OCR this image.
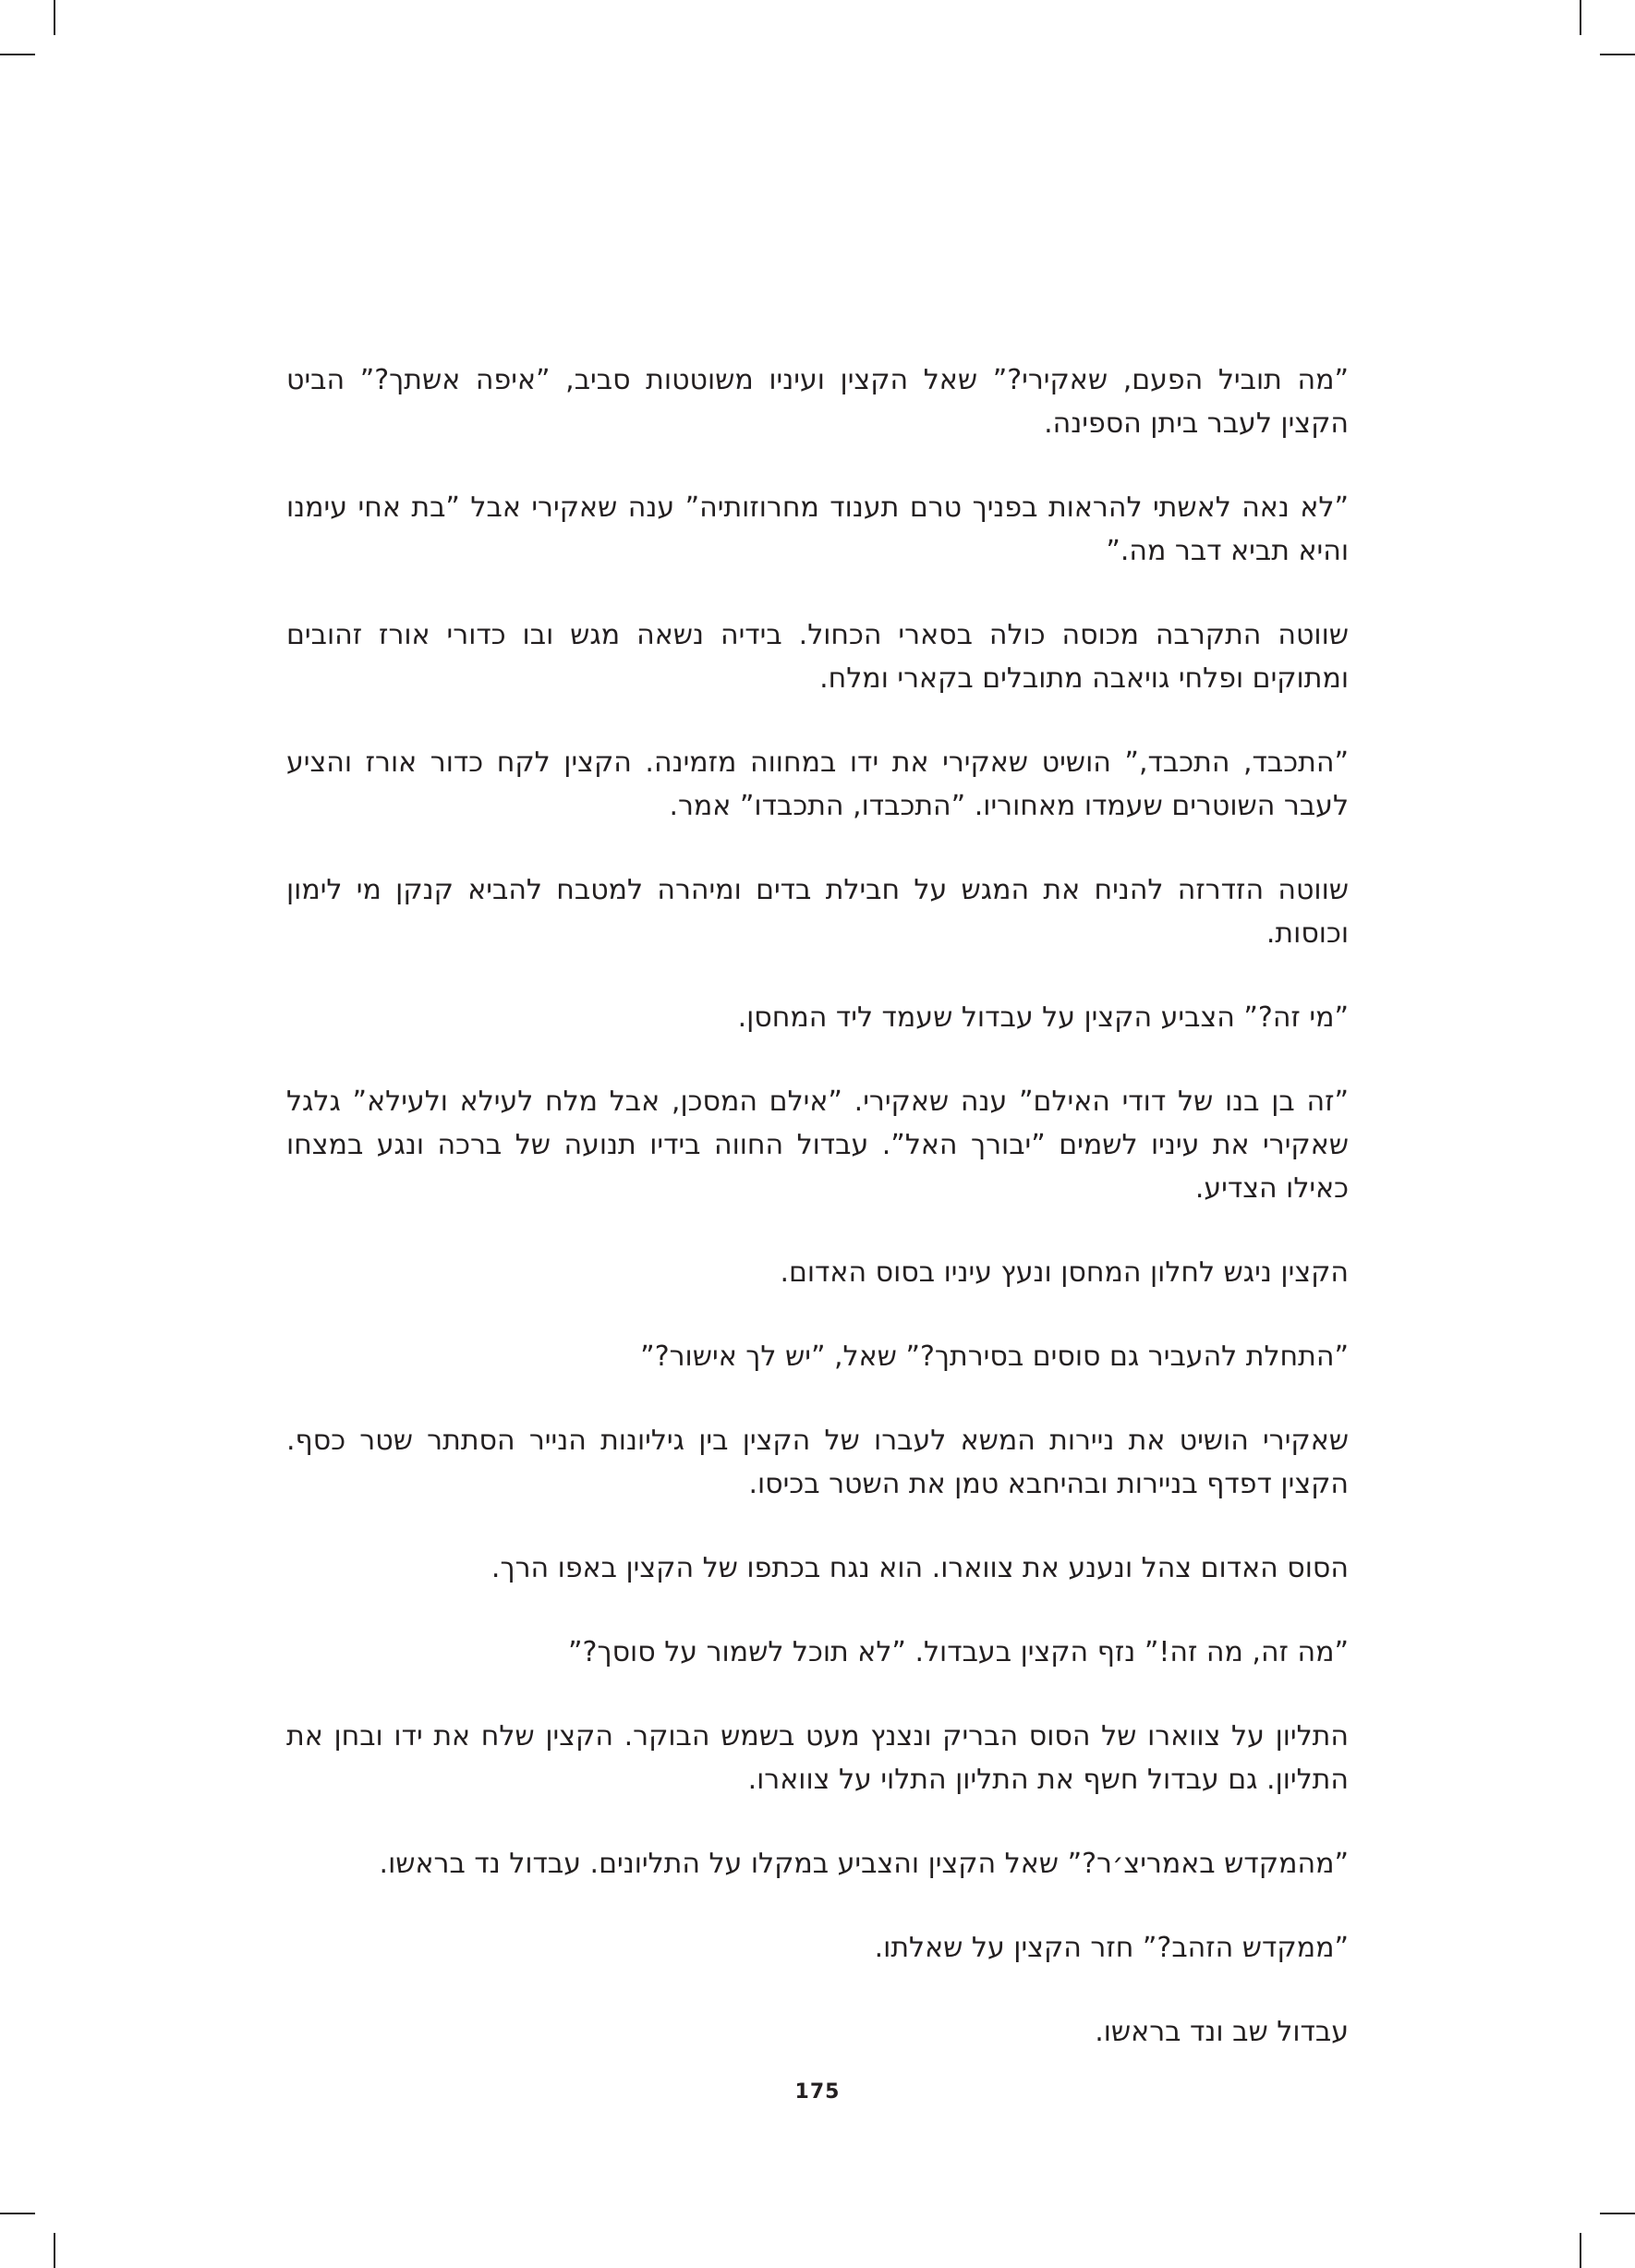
”מה תוביל הפעם, שאקירי?” שאל הקצין ועיניו משוטטות סביב, ”איפה אשתך?” הביט הקצין לעבר ביתן הספינה.

”לא נאה לאשתי להראות בפניך טרם תענוד מחרוזותיה” ענה שאקירי אבל ”בת אחי עימנו והיא תביא דבר מה.”

שווטה התקרבה מכוסה כולה בסארי הכחול. בידיה נשאה מגש ובו כדורי אורז זהובים ומתוקים ופלחי גויאבה מתובלים בקארי ומלח.

”התכבד, התכבד,” הושיט שאקירי את ידו במחווה מזמינה. הקצין לקח כדור אורז והציע לעבר השוטרים שעמדו מאחוריו. ”התכבדו, התכבדו” אמר.

שווטה הזדרזה להניח את המגש על חבילת בדים ומיהרה למטבח להביא קנקן מי לימון וכוסות.

”מי זה?” הצביע הקצין על עבדול שעמד ליד המחסן.

”זה בן בנו של דודי האילם” ענה שאקירי. ”אילם המסכן, אבל מלח לעילא ולעילא” גלגל שאקירי את עיניו לשמים ”יבורך האל”. עבדול החווה בידיו תנועה של ברכה ונגע במצחו כאילו הצדיע.

הקצין ניגש לחלון המחסן ונעץ עיניו בסוס האדום.

”התחלת להעביר גם סוסים בסירתך?” שאל, ”יש לך אישור?”

שאקירי הושיט את ניירות המשא לעברו של הקצין בין גיליונות הנייר הסתתר שטר כסף. הקצין דפדף בניירות ובהיחבא טמן את השטר בכיסו.

הסוס האדום צהל ונענע את צווארו. הוא נגח בכתפו של הקצין באפו הרך.

”מה זה, מה זה!” נזף הקצין בעבדול. ”לא תוכל לשמור על סוסך?”

התליון על צווארו של הסוס הבריק ונצנץ מעט בשמש הבוקר. הקצין שלח את ידו ובחן את התליון. גם עבדול חשף את התליון התלוי על צווארו.

”מהמקדש באמריצ׳ר?” שאל הקצין והצביע במקלו על התליונים. עבדול נד בראשו.

”ממקדש הזהב?” חזר הקצין על שאלתו.

עבדול שב ונד בראשו.

175
